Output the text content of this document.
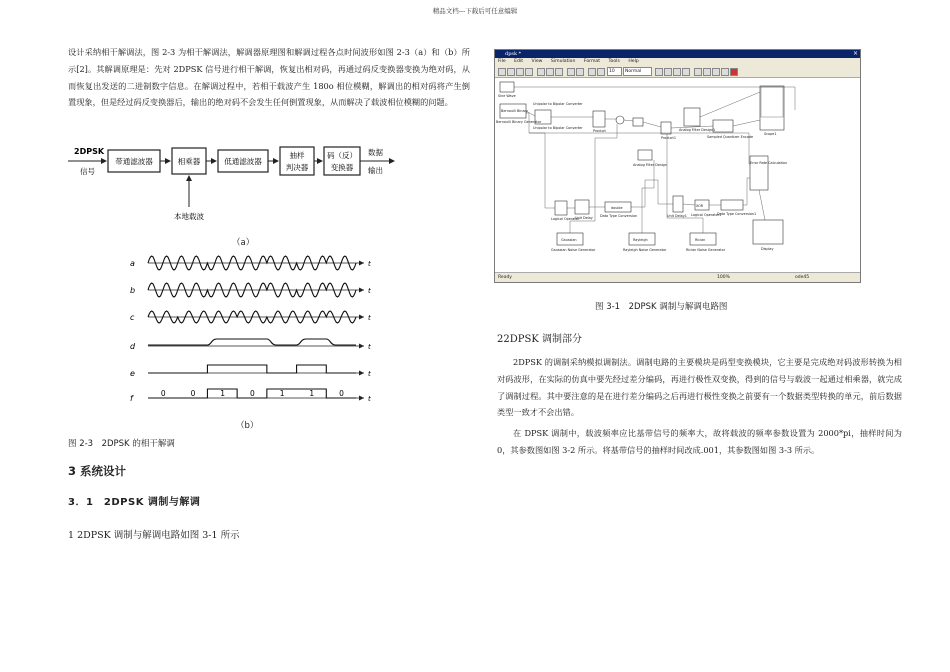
精品文档---下载后可任意编辑
设计采纳相干解调法，图 2-3 为相干解调法，解调器原理图和解调过程各点时间波形如图 2-3（a）和（b）所示[2]。其解调原理是：先对 2DPSK 信号进行相干解调，恢复出相对码，再通过码反变换器变换为绝对码，从而恢复出发送的二进制数字信息。在解调过程中，若相干载波产生 180o 相位模糊，解调出的相对码将产生倒置现象，但是经过码反变换器后，输出的绝对码不会发生任何倒置现象，从而解决了载波相位模糊的问题。
2DPSK
信号
带通滤波器	相乘器
本地载波
低通滤波器
抽样
判决器
码（反）
变换器
数据
输出
（a）
a	t
b	t
c	t
d	t
e	t
f	t
0	0	1	0	1	1	0
（b）
图 2-3　2DPSK 的相干解调
3 系统设计
3．1　2DPSK 调制与解调
1 2DPSK 调制与解调电路如图 3-1 所示
dpsk *	×
File Edit View Simulation Format Tools Help
10	Normal
Sine Wave
Bernoulli Binary
Bernoulli Binary Generator
Unipolar to Bipolar Converter
Unipolar to Bipolar Converter
Product
Product1
Analog Filter Design
Analog Filter Design1
Sampled Quantizer Encode
Scope1
Logical Operator
Unit Delay
double
Data Type Conversion
XOR
Logical Operator1
Unit Delay1	Data Type Conversion1
Error Rate Calculation
Display
Gaussian
Gaussian Noise Generator
Rayleigh
Rayleigh Noise Generator
Rician
Rician Noise Generator
Ready	100%	ode45
图 3-1　2DPSK 调制与解调电路图
22DPSK 调制部分
2DPSK 的调制采纳模拟调制法。调制电路的主要模块是码型变换模块，它主要是完成绝对码波形转换为相对码波形，在实际的仿真中要先经过差分编码，再进行极性双变换，得到的信号与载波一起通过相乘器，就完成了调制过程。其中要注意的是在进行差分编码之后再进行极性变换之前要有一个数据类型转换的单元，前后数据类型一致才不会出错。
在 DPSK 调制中，载波频率应比基带信号的频率大，故将载波的频率参数设置为 2000*pi，抽样时间为 0，其参数图如图 3-2 所示。将基带信号的抽样时间改成.001，其参数图如图 3-3 所示。
